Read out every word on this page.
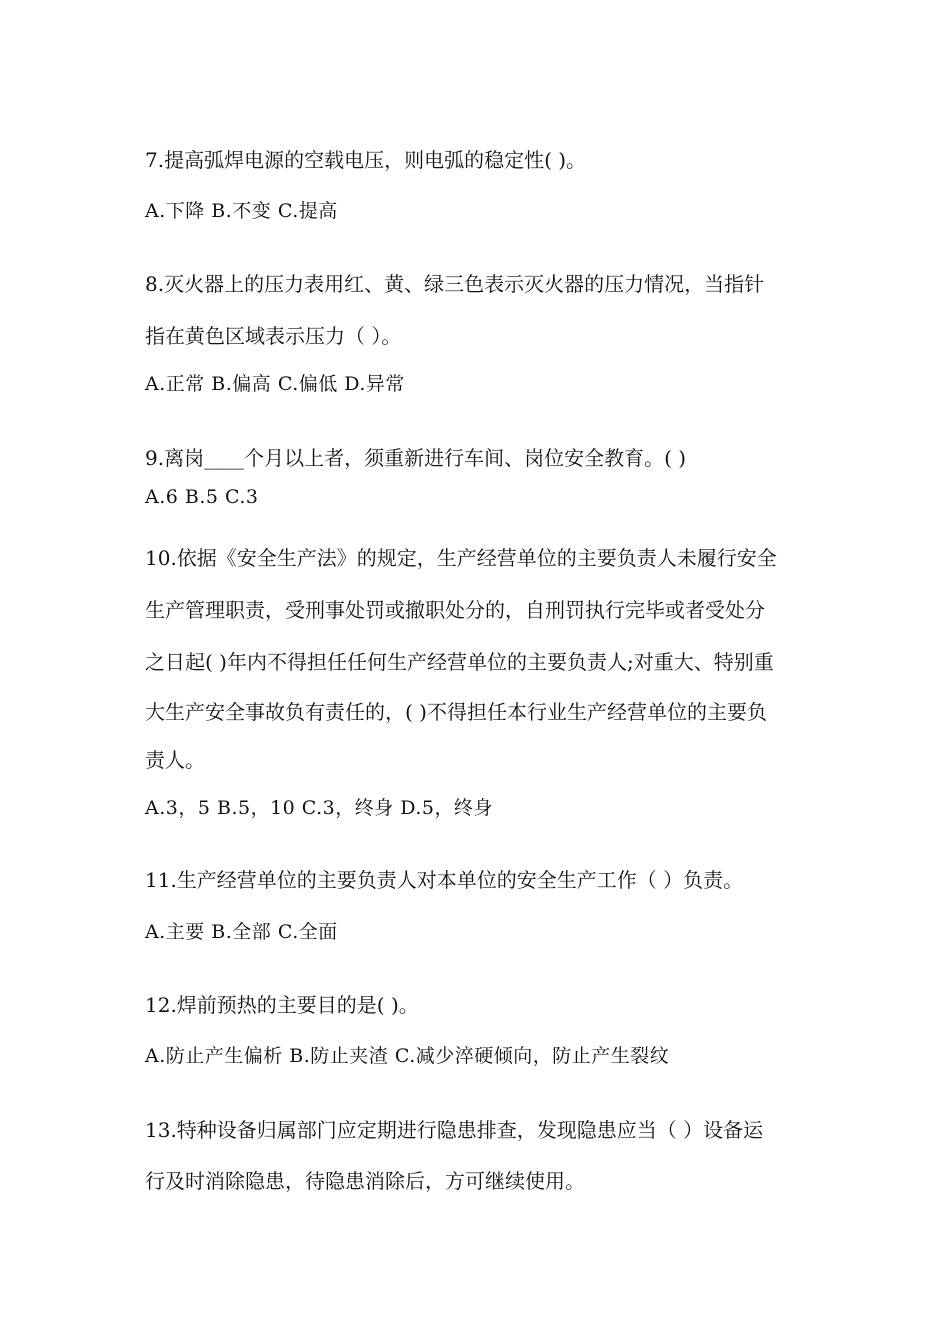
7.提高弧焊电源的空载电压，则电弧的稳定性( )。
A.下降 B.不变 C.提高
8.灭火器上的压力表用红、黄、绿三色表示灭火器的压力情况，当指针
指在黄色区域表示压力（ ）。
A.正常 B.偏高 C.偏低 D.异常
9.离岗____个月以上者，须重新进行车间、岗位安全教育。( )
A.6 B.5 C.3
10.依据《安全生产法》的规定，生产经营单位的主要负责人未履行安全
生产管理职责，受刑事处罚或撤职处分的，自刑罚执行完毕或者受处分
之日起( )年内不得担任任何生产经营单位的主要负责人;对重大、特别重
大生产安全事故负有责任的，( )不得担任本行业生产经营单位的主要负
责人。
A.3，5 B.5，10 C.3，终身 D.5，终身
11.生产经营单位的主要负责人对本单位的安全生产工作（ ）负责。
A.主要 B.全部 C.全面
12.焊前预热的主要目的是( )。
A.防止产生偏析 B.防止夹渣 C.减少淬硬倾向，防止产生裂纹
13.特种设备归属部门应定期进行隐患排查，发现隐患应当（ ）设备运
行及时消除隐患，待隐患消除后，方可继续使用。
